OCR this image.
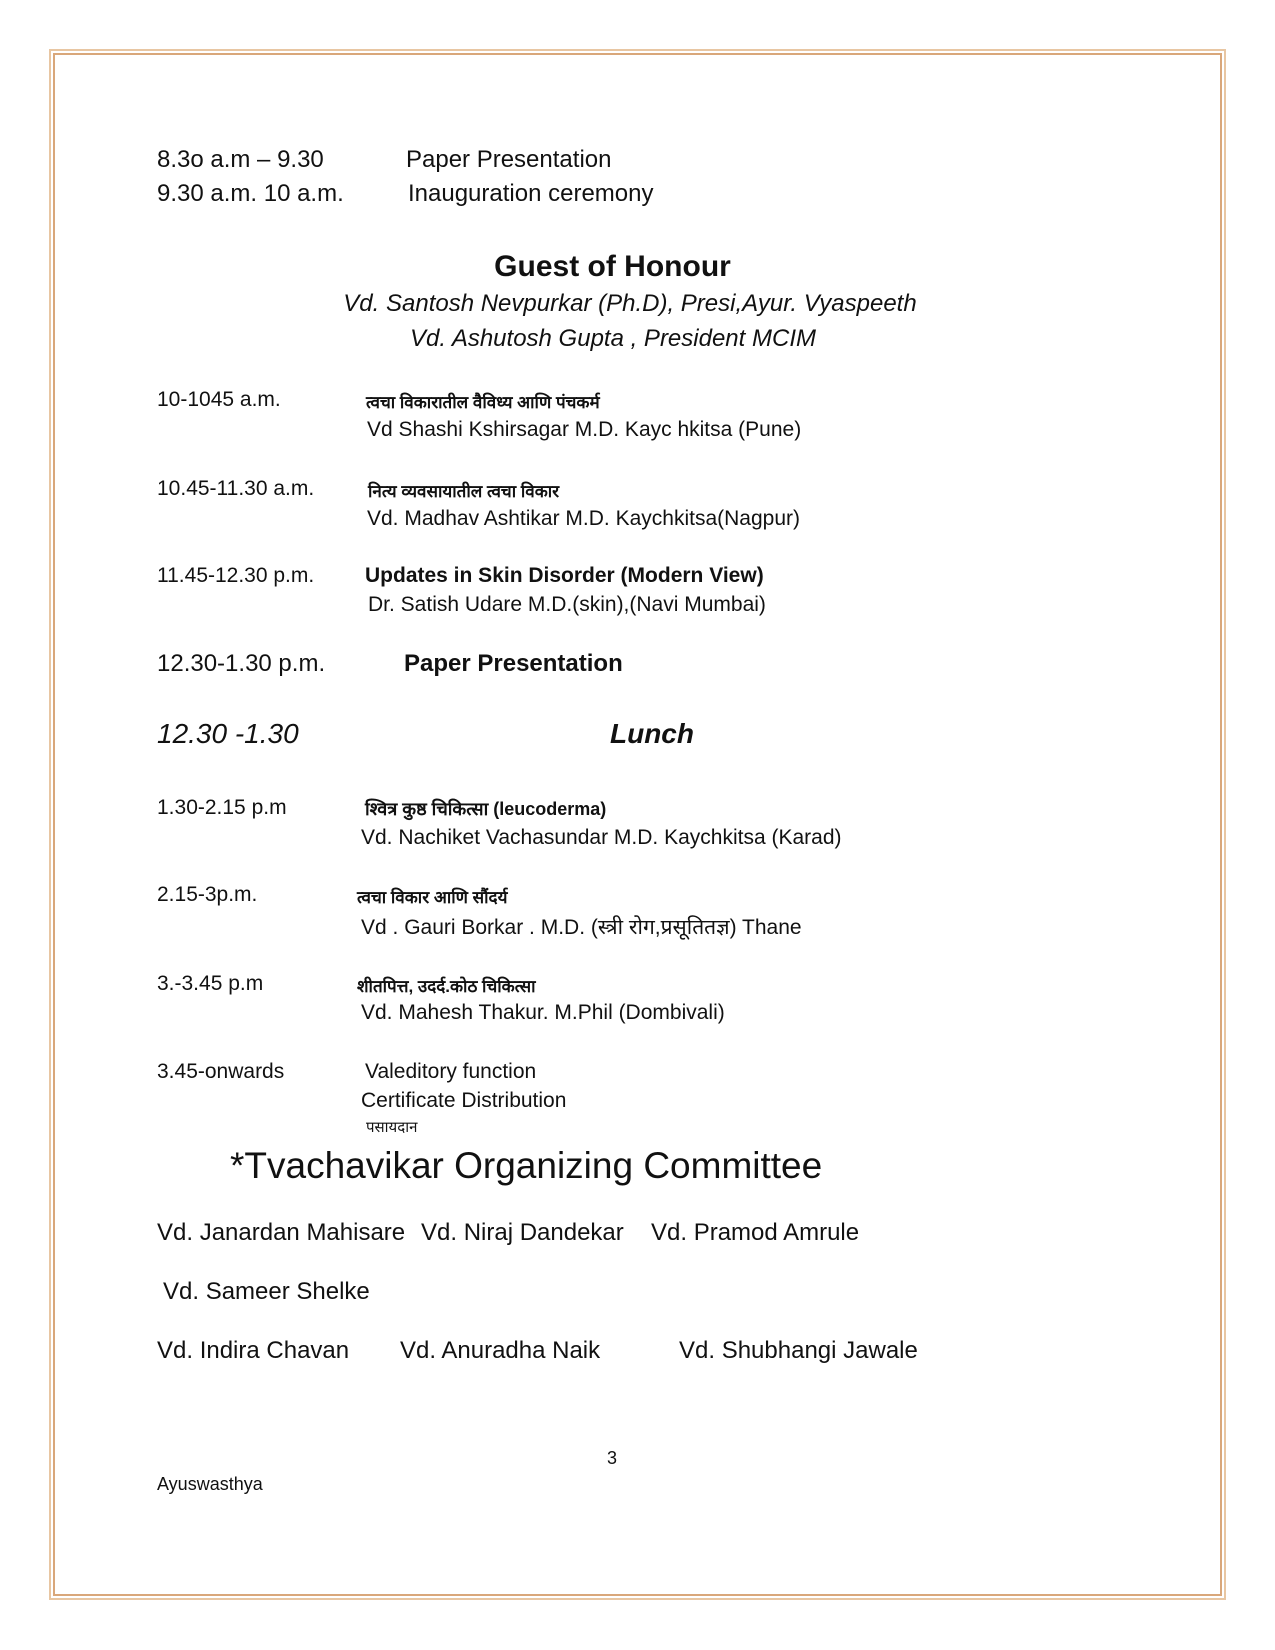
8.3o a.m – 9.30	Paper Presentation
9.30 a.m. 10 a.m.	Inauguration ceremony
Guest of Honour
Vd. Santosh Nevpurkar (Ph.D), Presi,Ayur. Vyaspeeth
Vd. Ashutosh Gupta , President MCIM
10-1045 a.m.	त्वचा विकारातील वैविध्य आणि पंचकर्म
Vd Shashi Kshirsagar M.D. Kayc hkitsa (Pune)
10.45-11.30 a.m.	नित्य व्यवसायातील त्वचा विकार
Vd. Madhav Ashtikar M.D. Kaychkitsa(Nagpur)
11.45-12.30 p.m. Updates in Skin Disorder (Modern View)
Dr. Satish Udare M.D.(skin),(Navi Mumbai)
12.30-1.30 p.m.	Paper Presentation
12.30 -1.30	Lunch
1.30-2.15 p.m	श्वित्र कुष्ठ चिकित्सा (leucoderma)
Vd. Nachiket Vachasundar M.D. Kaychkitsa (Karad)
2.15-3p.m.	त्वचा विकार आणि सौंदर्य
Vd . Gauri Borkar . M.D. (स्त्री रोग,प्रसूतितज्ञ) Thane
3.-3.45 p.m	शीतपित्त, उदर्द.कोठ चिकित्सा
Vd. Mahesh Thakur. M.Phil (Dombivali)
3.45-onwards	Valeditory function
Certificate Distribution
पसायदान
*Tvachavikar Organizing Committee
Vd. Janardan Mahisare Vd. Niraj Dandekar Vd. Pramod Amrule
Vd. Sameer Shelke
Vd. Indira Chavan Vd. Anuradha Naik	Vd. Shubhangi Jawale
3
Ayuswasthya
